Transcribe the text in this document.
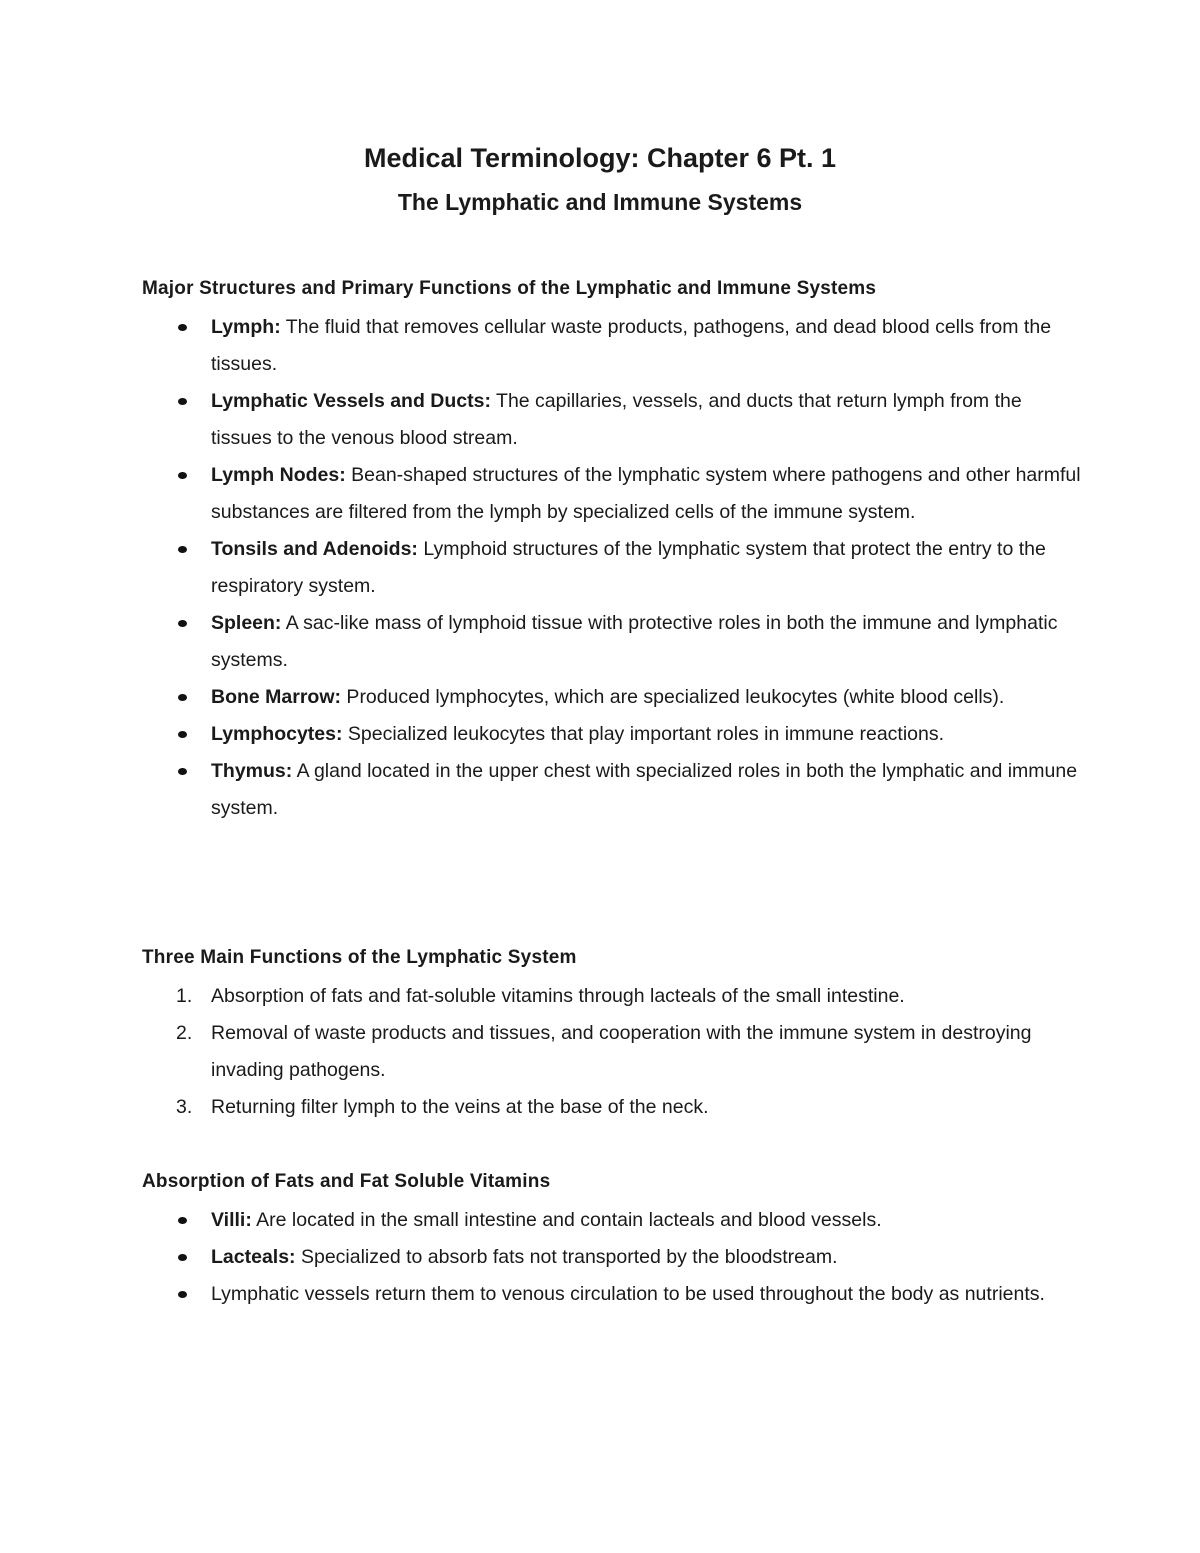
Medical Terminology: Chapter 6 Pt. 1
The Lymphatic and Immune Systems
Major Structures and Primary Functions of the Lymphatic and Immune Systems
Lymph: The fluid that removes cellular waste products, pathogens, and dead blood cells from the tissues.
Lymphatic Vessels and Ducts: The capillaries, vessels, and ducts that return lymph from the tissues to the venous blood stream.
Lymph Nodes: Bean-shaped structures of the lymphatic system where pathogens and other harmful substances are filtered from the lymph by specialized cells of the immune system.
Tonsils and Adenoids: Lymphoid structures of the lymphatic system that protect the entry to the respiratory system.
Spleen: A sac-like mass of lymphoid tissue with protective roles in both the immune and lymphatic systems.
Bone Marrow: Produced lymphocytes, which are specialized leukocytes (white blood cells).
Lymphocytes: Specialized leukocytes that play important roles in immune reactions.
Thymus: A gland located in the upper chest with specialized roles in both the lymphatic and immune system.
Three Main Functions of the Lymphatic System
1. Absorption of fats and fat-soluble vitamins through lacteals of the small intestine.
2. Removal of waste products and tissues, and cooperation with the immune system in destroying invading pathogens.
3. Returning filter lymph to the veins at the base of the neck.
Absorption of Fats and Fat Soluble Vitamins
Villi: Are located in the small intestine and contain lacteals and blood vessels.
Lacteals: Specialized to absorb fats not transported by the bloodstream.
Lymphatic vessels return them to venous circulation to be used throughout the body as nutrients.
